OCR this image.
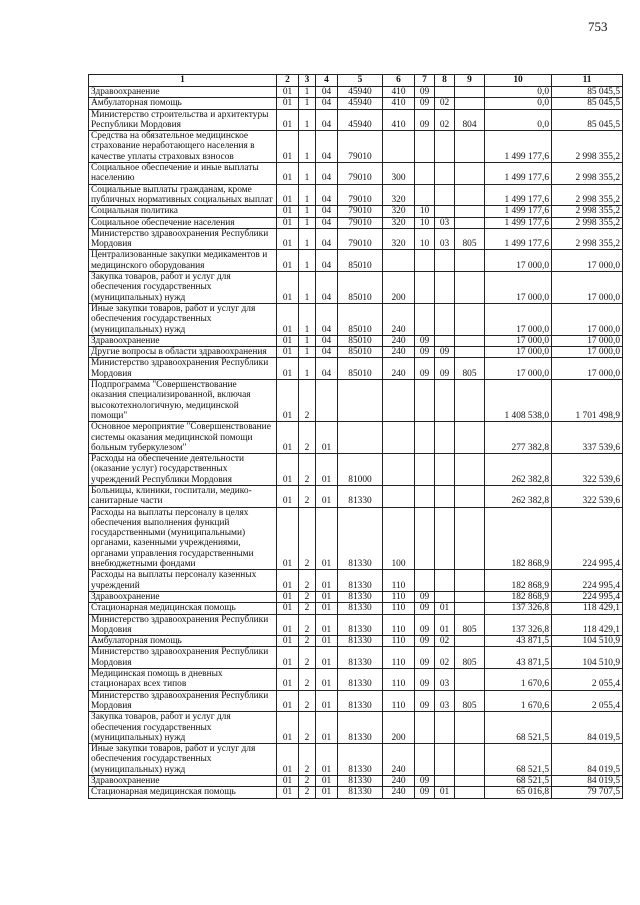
753
1	2	3	4	5	6	7	8	9	10	11
Здравоохранение	01	1	04	45940	410	09			0,0	85 045,5
Амбулаторная помощь	01	1	04	45940	410	09	02		0,0	85 045,5
Министерство строительства и архитектуры Республики Мордовия	01	1	04	45940	410	09	02	804	0,0	85 045,5
Средства на обязательное медицинское страхование неработающего населения в качестве уплаты страховых взносов	01	1	04	79010					1 499 177,6	2 998 355,2
Социальное обеспечение и иные выплаты населению	01	1	04	79010	300				1 499 177,6	2 998 355,2
Социальные выплаты гражданам, кроме публичных нормативных социальных выплат	01	1	04	79010	320				1 499 177,6	2 998 355,2
Социальная политика	01	1	04	79010	320	10			1 499 177,6	2 998 355,2
Социальное обеспечение населения	01	1	04	79010	320	10	03		1 499 177,6	2 998 355,2
Министерство здравоохранения Республики Мордовия	01	1	04	79010	320	10	03	805	1 499 177,6	2 998 355,2
Централизованные закупки медикаментов и медицинского оборудования	01	1	04	85010					17 000,0	17 000,0
Закупка товаров, работ и услуг для обеспечения государственных (муниципальных) нужд	01	1	04	85010	200				17 000,0	17 000,0
Иные закупки товаров, работ и услуг для обеспечения государственных (муниципальных) нужд	01	1	04	85010	240				17 000,0	17 000,0
Здравоохранение	01	1	04	85010	240	09			17 000,0	17 000,0
Другие вопросы в области здравоохранения	01	1	04	85010	240	09	09		17 000,0	17 000,0
Министерство здравоохранения Республики Мордовия	01	1	04	85010	240	09	09	805	17 000,0	17 000,0
Подпрограмма "Совершенствование оказания специализированной, включая высокотехнологичную, медицинской помощи"	01	2							1 408 538,0	1 701 498,9
Основное мероприятие "Совершенствование системы оказания медицинской помощи больным туберкулезом"	01	2	01						277 382,8	337 539,6
Расходы на обеспечение деятельности (оказание услуг) государственных учреждений Республики Мордовия	01	2	01	81000					262 382,8	322 539,6
Больницы, клиники, госпитали, медико-санитарные части	01	2	01	81330					262 382,8	322 539,6
Расходы на выплаты персоналу в целях обеспечения выполнения функций государственными (муниципальными) органами, казенными учреждениями, органами управления государственными внебюджетными фондами	01	2	01	81330	100				182 868,9	224 995,4
Расходы на выплаты персоналу казенных учреждений	01	2	01	81330	110				182 868,9	224 995,4
Здравоохранение	01	2	01	81330	110	09			182 868,9	224 995,4
Стационарная медицинская помощь	01	2	01	81330	110	09	01		137 326,8	118 429,1
Министерство здравоохранения Республики Мордовия	01	2	01	81330	110	09	01	805	137 326,8	118 429,1
Амбулаторная помощь	01	2	01	81330	110	09	02		43 871,5	104 510,9
Министерство здравоохранения Республики Мордовия	01	2	01	81330	110	09	02	805	43 871,5	104 510,9
Медицинская помощь в дневных стационарах всех типов	01	2	01	81330	110	09	03		1 670,6	2 055,4
Министерство здравоохранения Республики Мордовия	01	2	01	81330	110	09	03	805	1 670,6	2 055,4
Закупка товаров, работ и услуг для обеспечения государственных (муниципальных) нужд	01	2	01	81330	200				68 521,5	84 019,5
Иные закупки товаров, работ и услуг для обеспечения государственных (муниципальных) нужд	01	2	01	81330	240				68 521,5	84 019,5
Здравоохранение	01	2	01	81330	240	09			68 521,5	84 019,5
Стационарная медицинская помощь	01	2	01	81330	240	09	01		65 016,8	79 707,5
